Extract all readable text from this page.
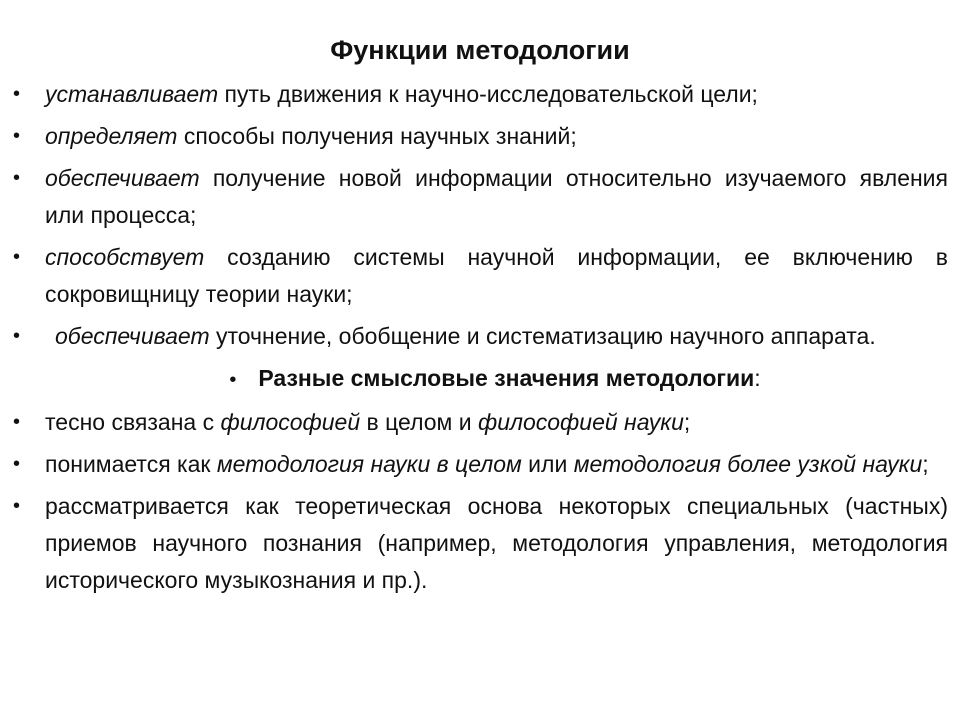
Функции методологии
• устанавливает путь движения к научно-исследовательской цели;
• определяет способы получения научных знаний;
• обеспечивает получение новой информации относительно изучаемого явления или процесса;
• способствует созданию системы научной информации, ее включению в сокровищницу теории науки;
• обеспечивает уточнение, обобщение и систематизацию научного аппарата.
• Разные смысловые значения методологии:
• тесно связана с философией в целом и философией науки;
• понимается как методология науки в целом или методология более узкой науки;
• рассматривается как теоретическая основа некоторых специальных (частных) приемов научного познания (например, методология управления, методология исторического музыкознания и пр.).
